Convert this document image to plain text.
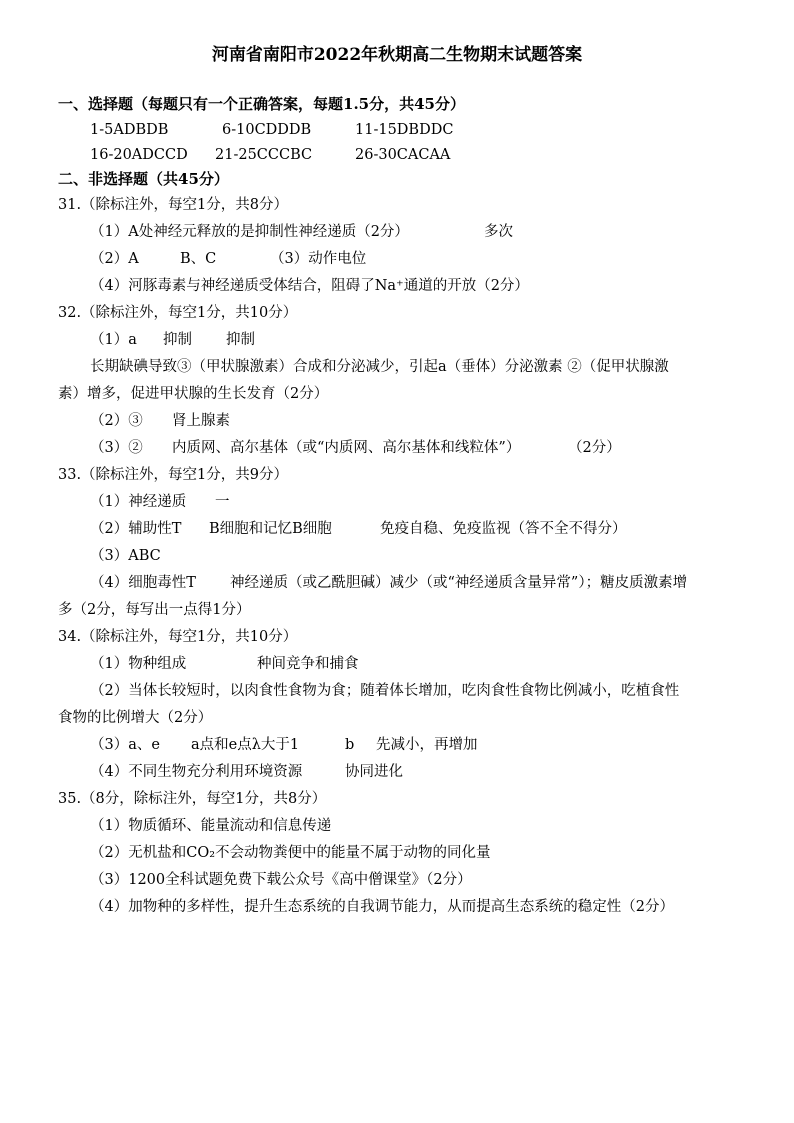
河南省南阳市2022年秋期高二生物期末试题答案
一、选择题（每题只有一个正确答案，每题1.5分，共45分）
1-5ADBDB	6-10CDDDB	11-15DBDDC
16-20ADCCD 21-25CCCBC	26-30CACAA
二、非选择题（共45分）
31.（除标注外，每空1分，共8分）
（1）A处神经元释放的是抑制性神经递质（2分）	多次
（2）A	B、C	（3）动作电位
（4）河豚毒素与神经递质受体结合，阻碍了Na⁺通道的开放（2分）
32.（除标注外，每空1分，共10分）
（1）a 抑制 抑制
长期缺碘导致③（甲状腺激素）合成和分泌减少，引起a（垂体）分泌激素 ②（促甲状腺激
素）增多，促进甲状腺的生长发育（2分）
（2）③ 肾上腺素
（3）② 内质网、高尔基体（或“内质网、高尔基体和线粒体”）	（2分）
33.（除标注外，每空1分，共9分）
（1）神经递质 一
（2）辅助性T B细胞和记忆B细胞	免疫自稳、免疫监视（答不全不得分）
（3）ABC
（4）细胞毒性T 神经递质（或乙酰胆碱）减少（或“神经递质含量异常”）；糖皮质激素增
多（2分，每写出一点得1分）
34.（除标注外，每空1分，共10分）
（1）物种组成	种间竞争和捕食
（2）当体长较短时，以肉食性食物为食；随着体长增加，吃肉食性食物比例减小，吃植食性
食物的比例增大（2分）
（3）a、e a点和e点λ大于1	b 先减小，再增加
（4）不同生物充分利用环境资源	协同进化
35.（8分，除标注外，每空1分，共8分）
（1）物质循环、能量流动和信息传递
（2）无机盐和CO₂不会动物粪便中的能量不属于动物的同化量
（3）1200全科试题免费下载公众号《高中僧课堂》（2分）
（4）加物种的多样性，提升生态系统的自我调节能力，从而提高生态系统的稳定性（2分）
